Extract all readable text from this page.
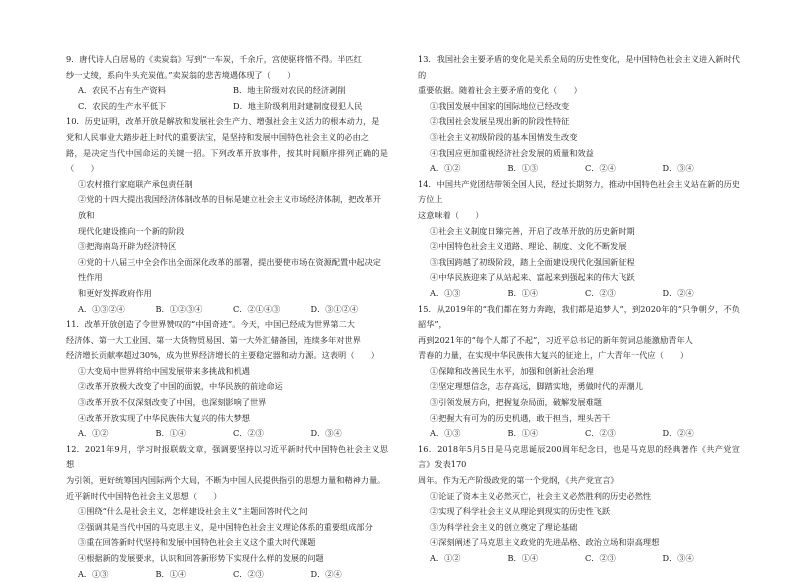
9．唐代诗人白居易的《卖炭翁》写到“一车炭，千余斤，宫使驱将惜不得。半匹红

纱一丈绫，系向牛头充炭值。”卖炭翁的悲苦境遇体现了（　　）

A．农民不占有生产资料	B．地主阶级对农民的经济剥削
C．农民的生产水平低下	D．地主阶级利用封建制度侵犯人民

10．历史证明，改革开放是解放和发展社会生产力、增强社会主义活力的根本动力，是

党和人民事业大踏步赶上时代的重要法宝，是坚持和发展中国特色社会主义的必由之

路，是决定当代中国命运的关键一招。下列改革开放事件，按其时间顺序排列正确的是（　　）

①农村推行家庭联产承包责任制

②党的十四大提出我国经济体制改革的目标是建立社会主义市场经济体制，把改革开放和

现代化建设推向一个新的阶段

③把海南岛开辟为经济特区

④党的十八届三中全会作出全面深化改革的部署，提出要使市场在资源配置中起决定性作用

和更好发挥政府作用

A．①③②④	B．①②③④	C．②①④③	D．③①②④

11．改革开放创造了令世界赞叹的“中国奇迹”。今天，中国已经成为世界第二大

经济体、第一大工业国、第一大货物贸易国、第一大外汇储备国，连续多年对世界

经济增长贡献率超过30%，成为世界经济增长的主要稳定器和动力源。这表明（　　）

①大变局中世界将给中国发展带来多挑战和机遇

②改革开放极大改变了中国的面貌，中华民族的前途命运

③改革开放不仅深刻改变了中国，也深刻影响了世界

④改革开放实现了中华民族伟大复兴的伟大梦想

A．①②	B．①④	C．②③	D．③④

12．2021年9月，学习时报联载文章，强调要坚持以习近平新时代中国特色社会主义思想

为引领，更好统筹国内国际两个大局，不断为中国人民提供指引的思想力量和精神力量。

近平新时代中国特色社会主义思想（　　）

①围绕“什么是社会主义，怎样建设社会主义”主题回答时代之问

②强调其是当代中国的马克思主义，是中国特色社会主义理论体系的重要组成部分

③重在回答新时代坚持和发展中国特色社会主义这个重大时代课题

④根据新的发展要求，认识和回答新形势下实现什么样的发展的问题

A．①③	B．①④	C．②③	D．②④

13．我国社会主要矛盾的变化是关系全局的历史性变化，是中国特色社会主义进入新时代的

重要依据。随着社会主要矛盾的变化（　　）

①我国发展中国家的国际地位已经改变

②我国社会发展呈现出新的阶段性特征

③社会主义初级阶段的基本国情发生改变

④我国应更加重视经济社会发展的质量和效益

A．①②	B．①③	C．②④	D．③④

14．中国共产党团结带领全国人民，经过长期努力，推动中国特色社会主义站在新的历史方位上

这意味着（　　）

①社会主义制度日臻完善，开启了改革开放的历史新时期

②中国特色社会主义道路、理论、制度、文化不断发展

③我国跨越了初级阶段，踏上全面建设现代化强国新征程

④中华民族迎来了从站起来、富起来到强起来的伟大飞跃

A．①③	B．①④	C．②③	D．②④

15．从2019年的“我们都在努力奔跑，我们都是追梦人”，到2020年的“只争朝夕，不负韶华”，

再到2021年的“每个人都了不起”，习近平总书记的新年贺词总能激励青年人

青春的力量，在实现中华民族伟大复兴的征途上，广大青年一代应（　　）

①保障和改善民生水平，加强和创新社会治理

②坚定理想信念，志存高远，脚踏实地，勇做时代的弄潮儿

③引领发展方向，把握复杂局面，破解发展难题

④把握大有可为的历史机遇，敢于担当，埋头苦干

A．①③	B．①④	C．②③	D．②④

16．2018年5月5日是马克思诞辰200周年纪念日，也是马克思的经典著作《共产党宣言》发表170

周年。作为无产阶级政党的第一个党纲，《共产党宣言》

①论证了资本主义必然灭亡，社会主义必然胜利的历史必然性

②实现了科学社会主义从理论到现实的历史性飞跃

③为科学社会主义的创立奠定了理论基础

④深刻阐述了马克思主义政党的先进品格、政治立场和崇高理想

A．①②	B．①④	C．②③	D．③④
